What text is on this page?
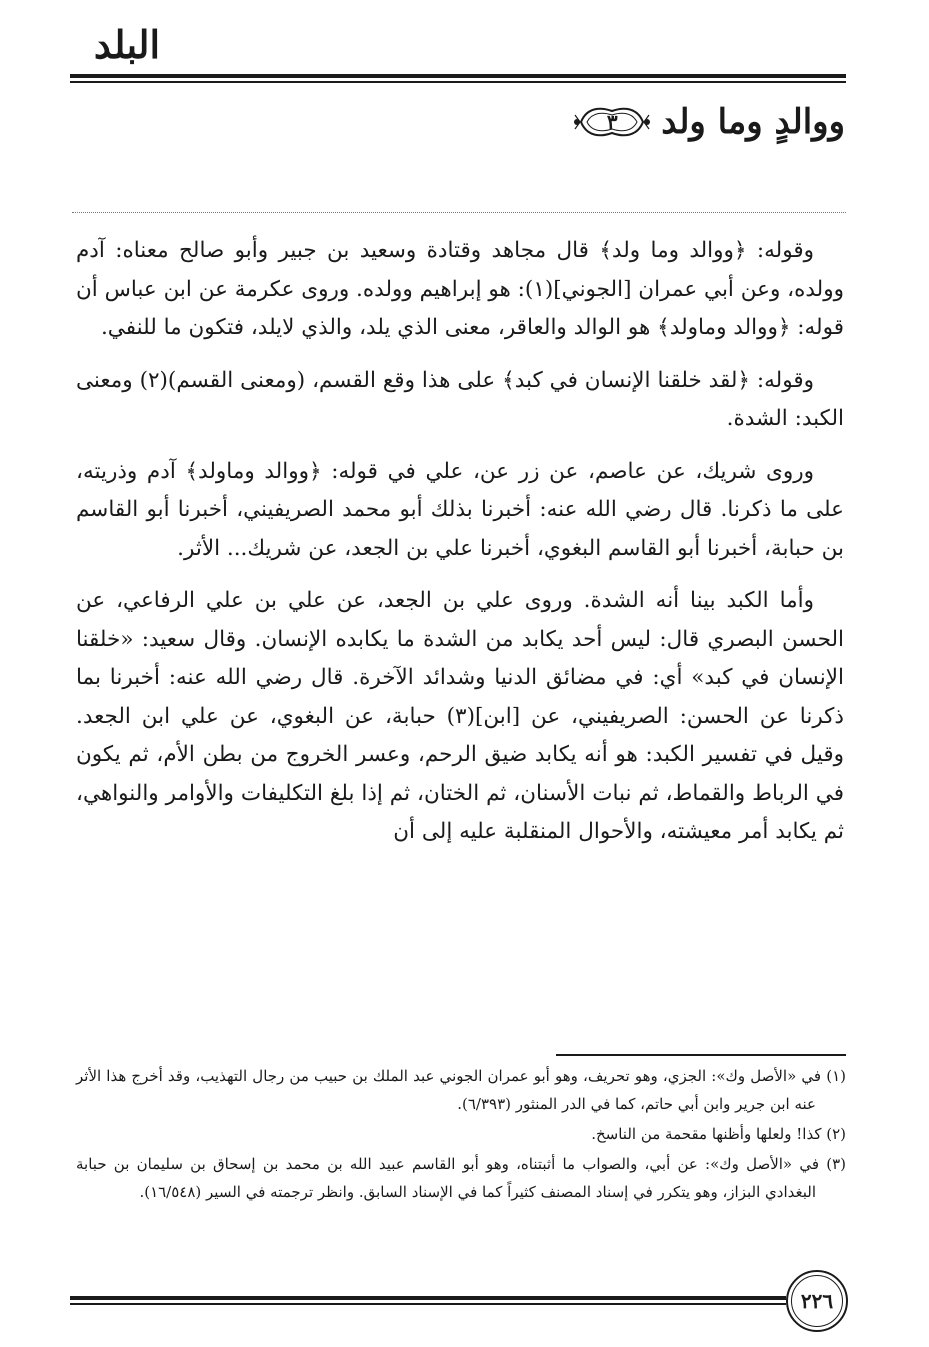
البلد
ووالدٍ وما ولد
٣

وقوله: ﴿ووالد وما ولد﴾ قال مجاهد وقتادة وسعيد بن جبير وأبو صالح معناه: آدم وولده، وعن أبي عمران [الجوني](١): هو إبراهيم وولده. وروى عكرمة عن ابن عباس أن قوله: ﴿ووالد وماولد﴾ هو الوالد والعاقر، معنى الذي يلد، والذي لايلد، فتكون ما للنفي.

وقوله: ﴿لقد خلقنا الإنسان في كبد﴾ على هذا وقع القسم، (ومعنى القسم)(٢) ومعنى الكبد: الشدة.

وروى شريك، عن عاصم، عن زر عن، علي في قوله: ﴿ووالد وماولد﴾ آدم وذريته، على ما ذكرنا. قال رضي الله عنه: أخبرنا بذلك أبو محمد الصريفيني، أخبرنا أبو القاسم بن حبابة، أخبرنا أبو القاسم البغوي، أخبرنا علي بن الجعد، عن شريك... الأثر.

وأما الكبد بينا أنه الشدة. وروى علي بن الجعد، عن علي بن علي الرفاعي، عن الحسن البصري قال: ليس أحد يكابد من الشدة ما يكابده الإنسان. وقال سعيد: «خلقنا الإنسان في كبد» أي: في مضائق الدنيا وشدائد الآخرة. قال رضي الله عنه: أخبرنا بما ذكرنا عن الحسن: الصريفيني، عن [ابن](٣) حبابة، عن البغوي، عن علي ابن الجعد. وقيل في تفسير الكبد: هو أنه يكابد ضيق الرحم، وعسر الخروج من بطن الأم، ثم يكون في الرباط والقماط، ثم نبات الأسنان، ثم الختان، ثم إذا بلغ التكليفات والأوامر والنواهي، ثم يكابد أمر معيشته، والأحوال المنقلبة عليه إلى أن

(١) في «الأصل وك»: الجزي، وهو تحريف، وهو أبو عمران الجوني عبد الملك بن حبيب من رجال التهذيب، وقد أخرج هذا الأثر عنه ابن جرير وابن أبي حاتم، كما في الدر المنثور (٦/٣٩٣).

(٢) كذا! ولعلها وأظنها مقحمة من الناسخ.

(٣) في «الأصل وك»: عن أبي، والصواب ما أثبتناه، وهو أبو القاسم عبيد الله بن محمد بن إسحاق بن سليمان بن حبابة البغدادي البزاز، وهو يتكرر في إسناد المصنف كثيراً كما في الإسناد السابق. وانظر ترجمته في السير (١٦/٥٤٨).

٢٢٦
